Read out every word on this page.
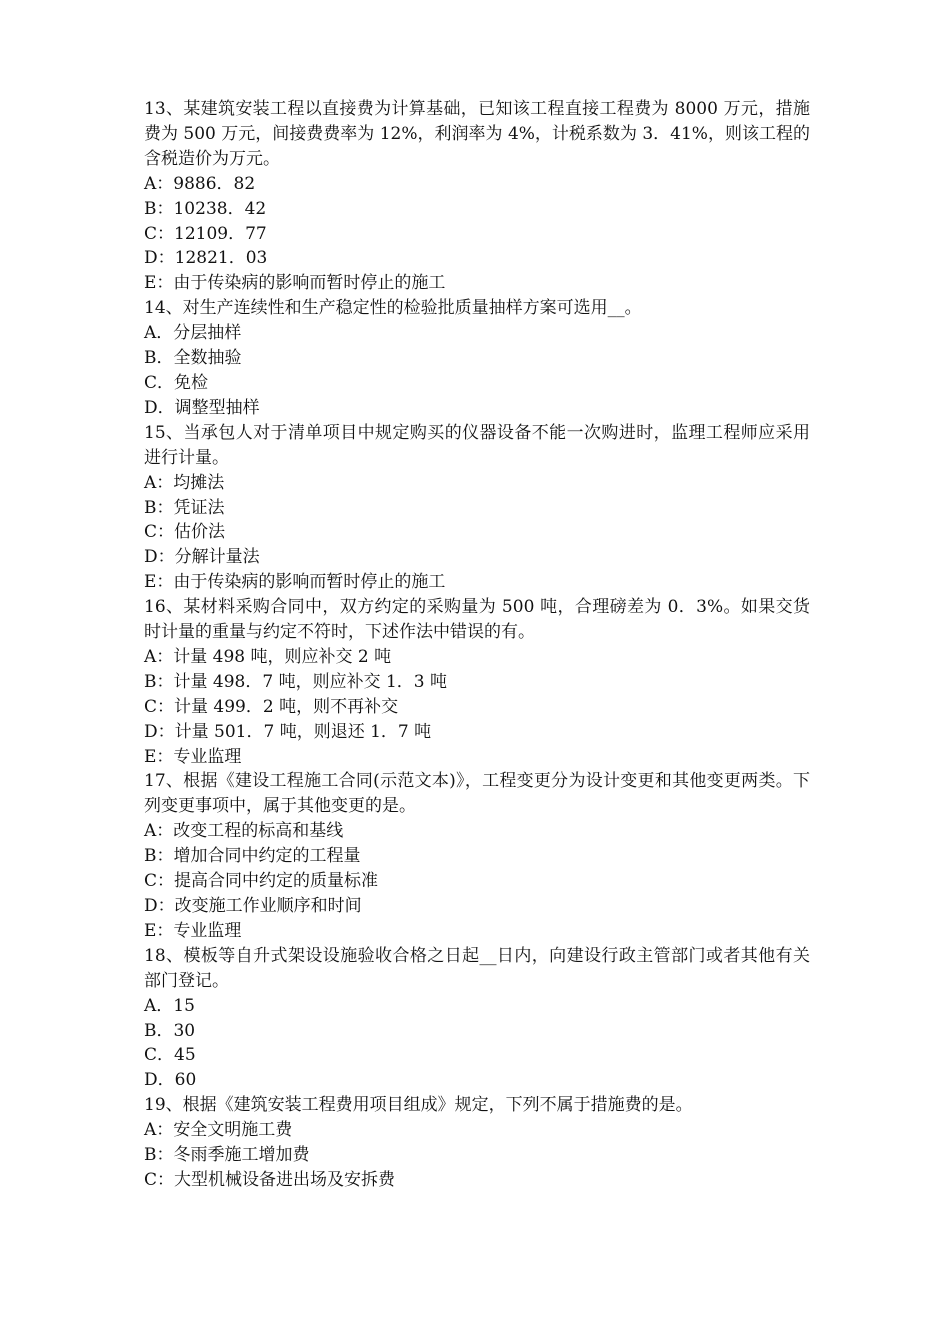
13、某建筑安装工程以直接费为计算基础，已知该工程直接工程费为 8000 万元，措施费为 500 万元，间接费费率为 12%，利润率为 4%，计税系数为 3．41%，则该工程的含税造价为万元。

A：9886．82
B：10238．42
C：12109．77
D：12821．03
E：由于传染病的影响而暂时停止的施工

14、对生产连续性和生产稳定性的检验批质量抽样方案可选用__。

A．分层抽样
B．全数抽验
C．免检
D．调整型抽样

15、当承包人对于清单项目中规定购买的仪器设备不能一次购进时，监理工程师应采用进行计量。

A：均摊法
B：凭证法
C：估价法
D：分解计量法
E：由于传染病的影响而暂时停止的施工

16、某材料采购合同中，双方约定的采购量为 500 吨，合理磅差为 0．3%。如果交货时计量的重量与约定不符时，下述作法中错误的有。

A：计量 498 吨，则应补交 2 吨
B：计量 498．7 吨，则应补交 1．3 吨
C：计量 499．2 吨，则不再补交
D：计量 501．7 吨，则退还 1．7 吨
E：专业监理

17、根据《建设工程施工合同(示范文本)》，工程变更分为设计变更和其他变更两类。下列变更事项中，属于其他变更的是。

A：改变工程的标高和基线
B：增加合同中约定的工程量
C：提高合同中约定的质量标准
D：改变施工作业顺序和时间
E：专业监理

18、模板等自升式架设设施验收合格之日起__日内，向建设行政主管部门或者其他有关部门登记。

A．15
B．30
C．45
D．60

19、根据《建筑安装工程费用项目组成》规定，下列不属于措施费的是。

A：安全文明施工费
B：冬雨季施工增加费
C：大型机械设备进出场及安拆费
